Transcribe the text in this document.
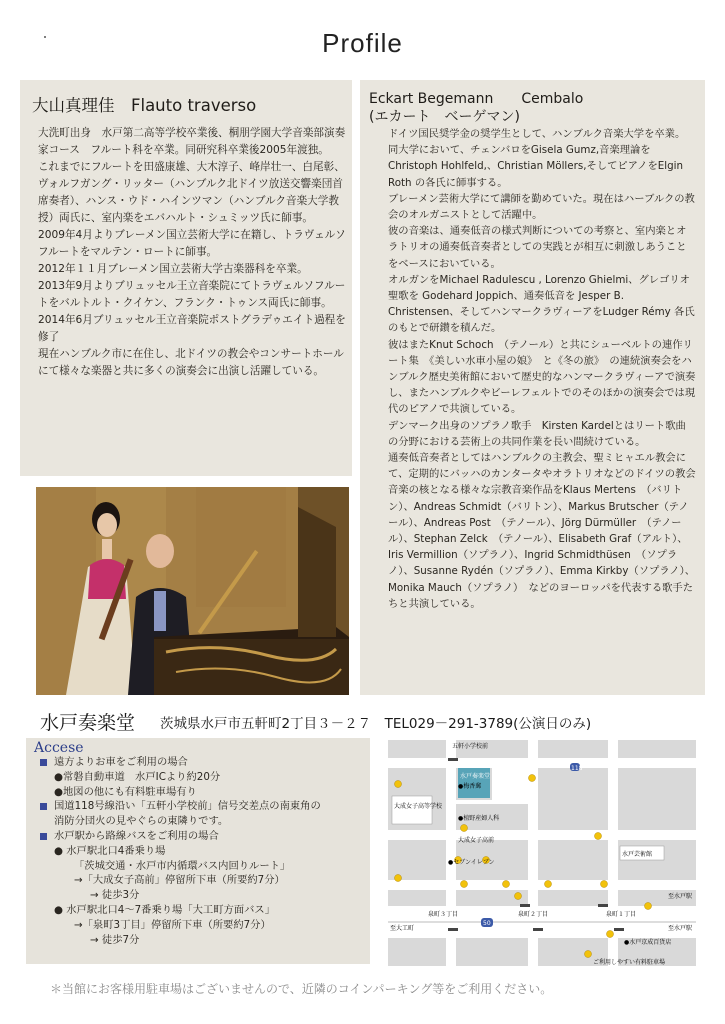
Profile
大山真理佳　Flauto traverso

大洗町出身　水戸第二高等学校卒業後、桐朋学園大学音楽部演奏家コース　フルート科を卒業。同研究科卒業後2005年渡独。

これまでにフルートを田盛康雄、大木淳子、峰岸壮一、白尾彰、ヴォルフガング・リッター（ハンブルク北ドイツ放送交響楽団首席奏者）、ハンス・ウド・ハインツマン（ハンブルク音楽大学教授）両氏に、室内楽をエバハルト・シュミッツ氏に師事。

2009年4月よりブレーメン国立芸術大学に在籍し、トラヴェルソフルートをマルテン・ロートに師事。

2012年１１月ブレーメン国立芸術大学古楽器科を卒業。

2013年9月よりブリュッセル王立音楽院にてトラヴェルソフルートをバルトルト・クイケン、フランク・トゥンス両氏に師事。

2014年6月ブリュッセル王立音楽院ポストグラデゥエイト過程を修了

現在ハンブルク市に在住し、北ドイツの教会やコンサートホールにて様々な楽器と共に多くの演奏会に出演し活躍している。

Eckart Begemann　　Cembalo
(エカート　ベーゲマン)

ドイツ国民奨学金の奨学生として、ハンブルク音楽大学を卒業。

同大学において、チェンバロをGisela Gumz,音楽理論を Christoph Hohlfeld,、Christian Möllers,そしてピアノをElgin Roth の各氏に師事する。

ブレーメン芸術大学にて講師を勤めていた。現在はハーブルクの教会のオルガニストとして活躍中。

彼の音楽は、通奏低音の様式判断についての考察と、室内楽とオラトリオの通奏低音奏者としての実践とが相互に刺激しあうことをベースにおいている。

オルガンをMichael Radulescu , Lorenzo Ghielmi、グレゴリオ聖歌を Godehard Joppich、通奏低音を Jesper B. Christensen、そしてハンマークラヴィーアをLudger Rémy 各氏のもとで研鑚を積んだ。

彼はまたKnut Schoch　（テノール）と共にシューベルトの連作リート集　《美しい水車小屋の娘》　と《冬の旅》　の連続演奏会をハンブルク歴史美術館において歴史的なハンマークラヴィーアで演奏し、またハンブルクやビーレフェルトでのそのほかの演奏会では現代のピアノで共演している。

デンマーク出身のソプラノ歌手　Kirsten Kardelとはリート歌曲の分野における芸術上の共同作業を長い間続けている。

通奏低音奏者としてはハンブルクの主教会、聖ミヒャエル教会にて、定期的にバッハのカンタータやオラトリオなどのドイツの教会音楽の核となる様々な宗教音楽作品をKlaus Mertens　（バリトン）、Andreas Schmidt（バリトン）、Markus Brutscher（テノール）、Andreas Post　（テノール）、Jörg Dürmüller　（テノール）、Stephan Zelck　（テノール）、Elisabeth Graf（アルト）、Iris Vermillion（ソプラノ）、Ingrid Schmidthüsen　（ソプラノ）、Susanne Rydén（ソプラノ）、Emma Kirkby（ソプラノ）、Monika Mauch（ソプラノ）　などのヨーロッパを代表する歌手たちと共演している。

水戸奏楽堂 茨城県水戸市五軒町2丁目３－２７　TEL029－291-3789(公演日のみ)
Accese
遠方よりお車をご利用の場合
●常磐自動車道　水戸ICより約20分
●地図の他にも有料駐車場有り
国道118号線沿い「五軒小学校前」信号交差点の南東角の
消防分団火の見やぐらの東隣りです。
水戸駅から路線バスをご利用の場合
● 水戸駅北口4番乗り場
「茨城交通・水戸市内循環バス内回りルート」
→「大成女子高前」停留所下車（所要約7分）
→ 徒歩3分
● 水戸駅北口4～7番乗り場「大工町方面バス」
→「泉町3丁目」停留所下車（所要約7分）
→ 徒歩7分
五軒小学校前
水戸奏楽堂
大成女子高等学校
●梅香郵
●植野産婦人科
大成女子高前
●セブンイレブン
水戸芸術館
泉町３丁目	泉町２丁目	泉町１丁目
至大工町
至水戸駅
至水戸駅
●水戸京成百貨店
118
50
ご利用しやすい有料駐車場
＊当館にお客様用駐車場はございませんので、近隣のコインパーキング等をご利用ください。
